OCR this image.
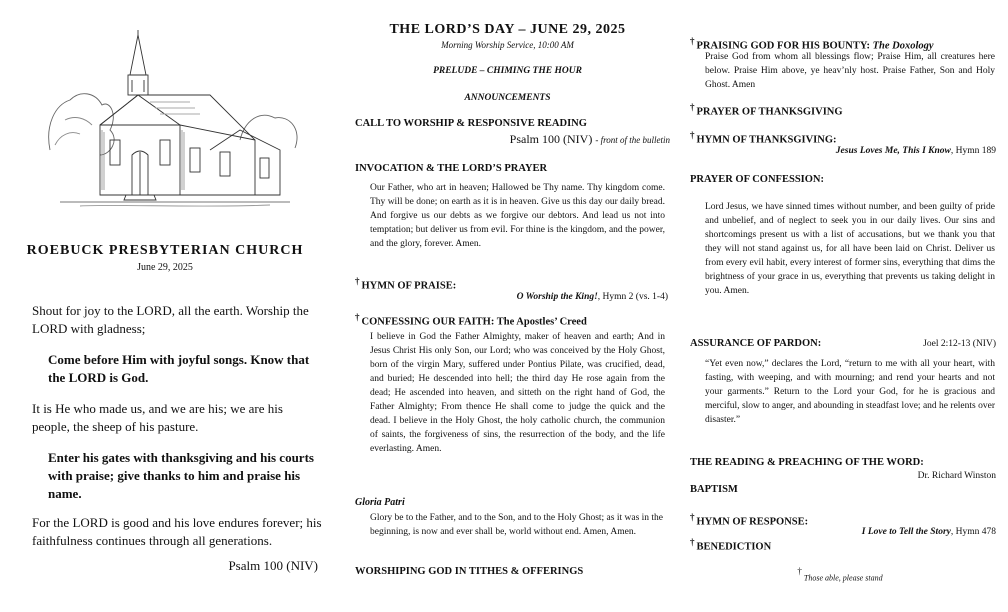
ROEBUCK PRESBYTERIAN CHURCH
June 29, 2025
Shout for joy to the LORD, all the earth. Worship the LORD with gladness;
Come before Him with joyful songs. Know that the LORD is God.
It is He who made us, and we are his; we are his people, the sheep of his pasture.
Enter his gates with thanksgiving and his courts with praise; give thanks to him and praise his name.
For the LORD is good and his love endures forever; his faithfulness continues through all generations.
Psalm 100 (NIV)
THE LORD’S DAY – JUNE 29, 2025
Morning Worship Service, 10:00 AM
PRELUDE – CHIMING THE HOUR
ANNOUNCEMENTS
CALL TO WORSHIP & RESPONSIVE READING
Psalm 100 (NIV) - front of the bulletin
INVOCATION & THE LORD’S PRAYER
Our Father, who art in heaven; Hallowed be Thy name. Thy kingdom come. Thy will be done; on earth as it is in heaven. Give us this day our daily bread. And forgive us our debts as we forgive our debtors. And lead us not into temptation; but deliver us from evil. For thine is the kingdom, and the power, and the glory, forever. Amen.
† HYMN OF PRAISE:
O Worship the King!, Hymn 2 (vs. 1-4)
† CONFESSING OUR FAITH: The Apostles’ Creed
I believe in God the Father Almighty, maker of heaven and earth; And in Jesus Christ His only Son, our Lord; who was conceived by the Holy Ghost, born of the virgin Mary, suffered under Pontius Pilate, was crucified, dead, and buried; He descended into hell; the third day He rose again from the dead; He ascended into heaven, and sitteth on the right hand of God, the Father Almighty; From thence He shall come to judge the quick and the dead. I believe in the Holy Ghost, the holy catholic church, the communion of saints, the forgiveness of sins, the resurrection of the body, and the life everlasting. Amen.
Gloria Patri
Glory be to the Father, and to the Son, and to the Holy Ghost; as it was in the beginning, is now and ever shall be, world without end. Amen, Amen.
WORSHIPING GOD IN TITHES & OFFERINGS
† PRAISING GOD FOR HIS BOUNTY: The Doxology
Praise God from whom all blessings flow; Praise Him, all creatures here below. Praise Him above, ye heav’nly host. Praise Father, Son and Holy Ghost. Amen
† PRAYER OF THANKSGIVING
† HYMN OF THANKSGIVING:
Jesus Loves Me, This I Know, Hymn 189
PRAYER OF CONFESSION:
Lord Jesus, we have sinned times without number, and been guilty of pride and unbelief, and of neglect to seek you in our daily lives. Our sins and shortcomings present us with a list of accusations, but we thank you that they will not stand against us, for all have been laid on Christ. Deliver us from every evil habit, every interest of former sins, everything that dims the brightness of your grace in us, everything that prevents us taking delight in you. Amen.
ASSURANCE OF PARDON:	Joel 2:12-13 (NIV)
“Yet even now,” declares the Lord, “return to me with all your heart, with fasting, with weeping, and with mourning; and rend your hearts and not your garments.” Return to the Lord your God, for he is gracious and merciful, slow to anger, and abounding in steadfast love; and he relents over disaster.”
THE READING & PREACHING OF THE WORD:
Dr. Richard Winston
BAPTISM
† HYMN OF RESPONSE:
I Love to Tell the Story, Hymn 478
† BENEDICTION
†Those able, please stand
